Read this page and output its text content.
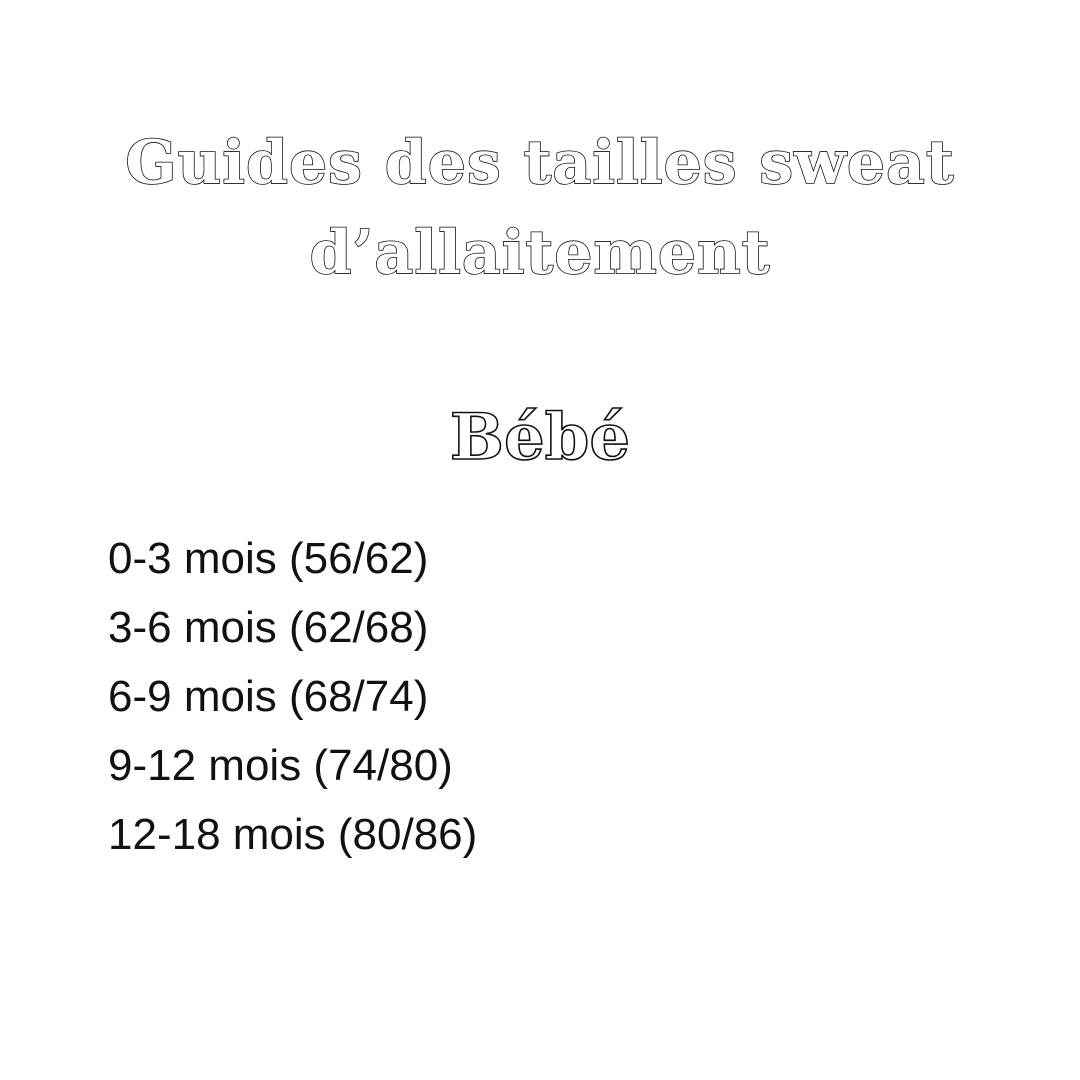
Guides des tailles sweat
d’allaitement
Bébé
0-3 mois (56/62)
3-6 mois (62/68)
6-9 mois (68/74)
9-12 mois (74/80)
12-18 mois (80/86)
